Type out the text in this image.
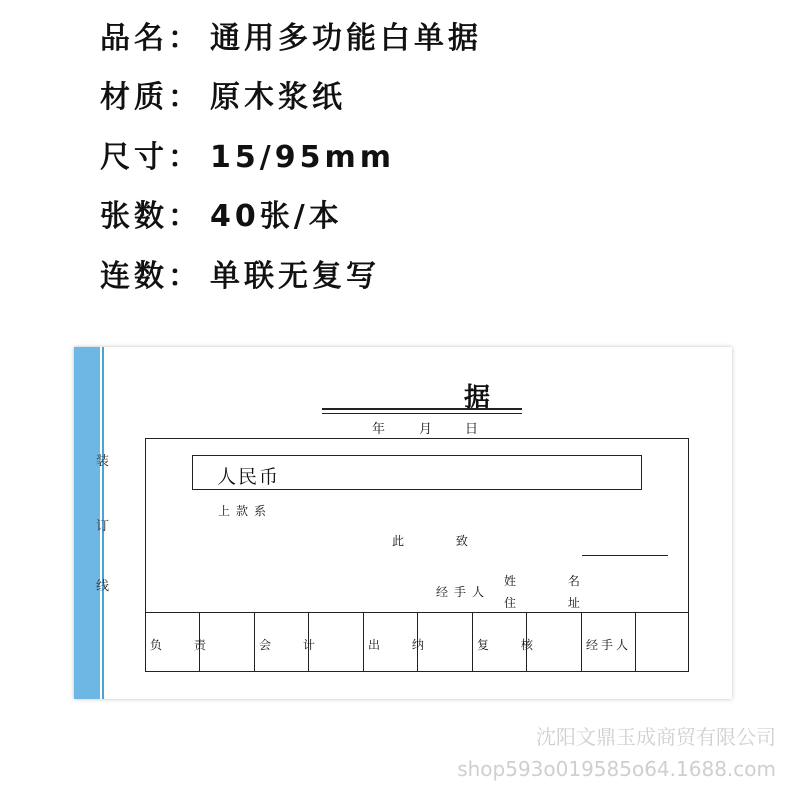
品名： 通用多功能白单据
材质： 原木浆纸
尺寸： 15/95mm
张数： 40张/本
连数： 单联无复写
装
订
线
据
年	月	日
人民币
上款系
此 致
经手人
姓 名
住 址
负 责	会 计	出 纳	复 核	经手人
沈阳文鼎玉成商贸有限公司
shop593o019585o64.1688.com
